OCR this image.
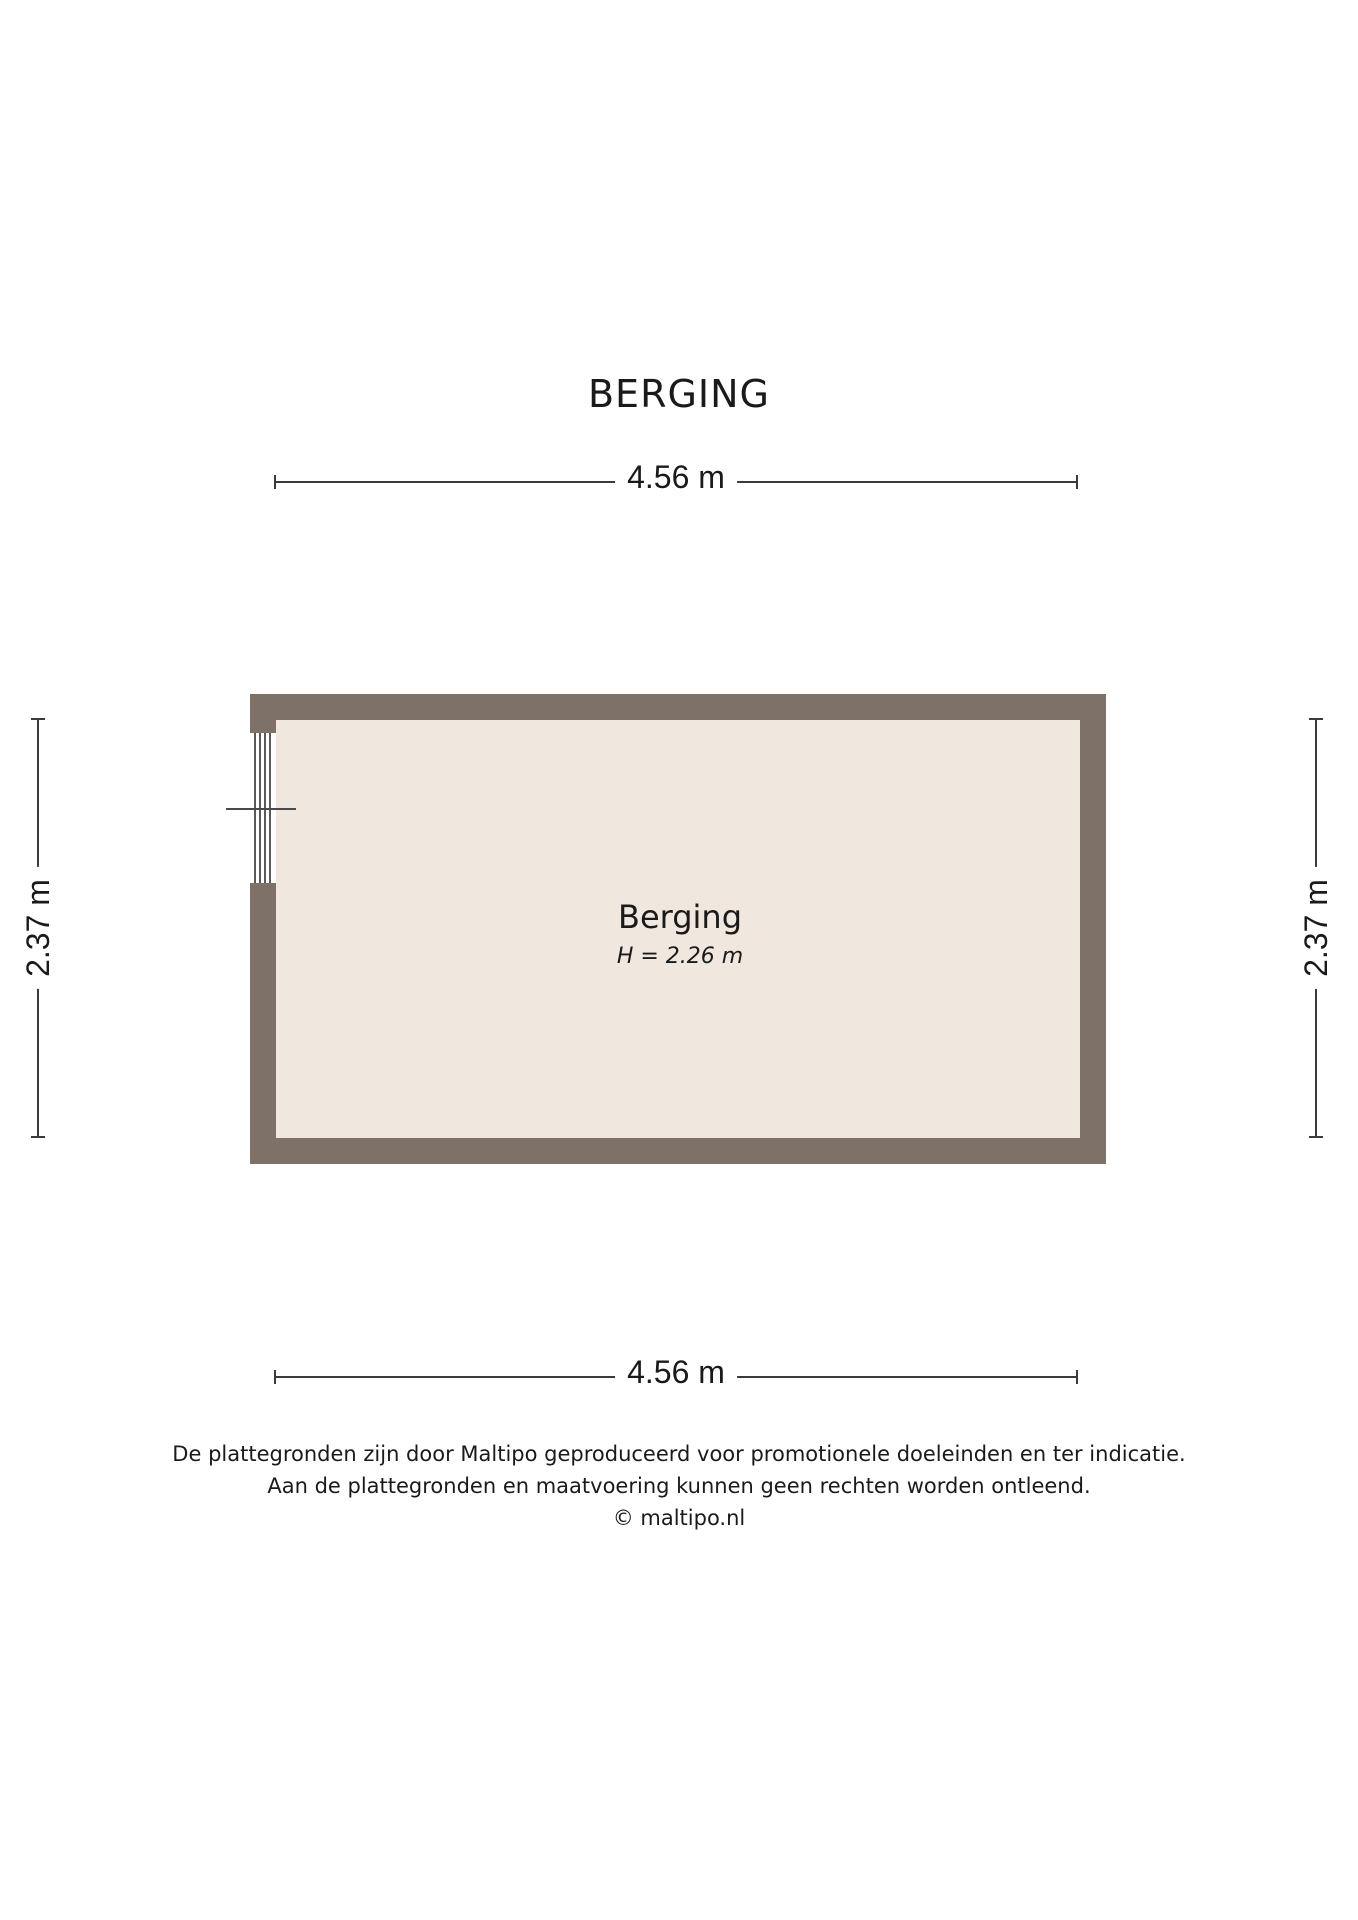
BERGING
4.56 m
2.37 m	2.37 m
Berging
H = 2.26 m
4.56 m
De plattegronden zijn door Maltipo geproduceerd voor promotionele doeleinden en ter indicatie.
Aan de plattegronden en maatvoering kunnen geen rechten worden ontleend.
© maltipo.nl
